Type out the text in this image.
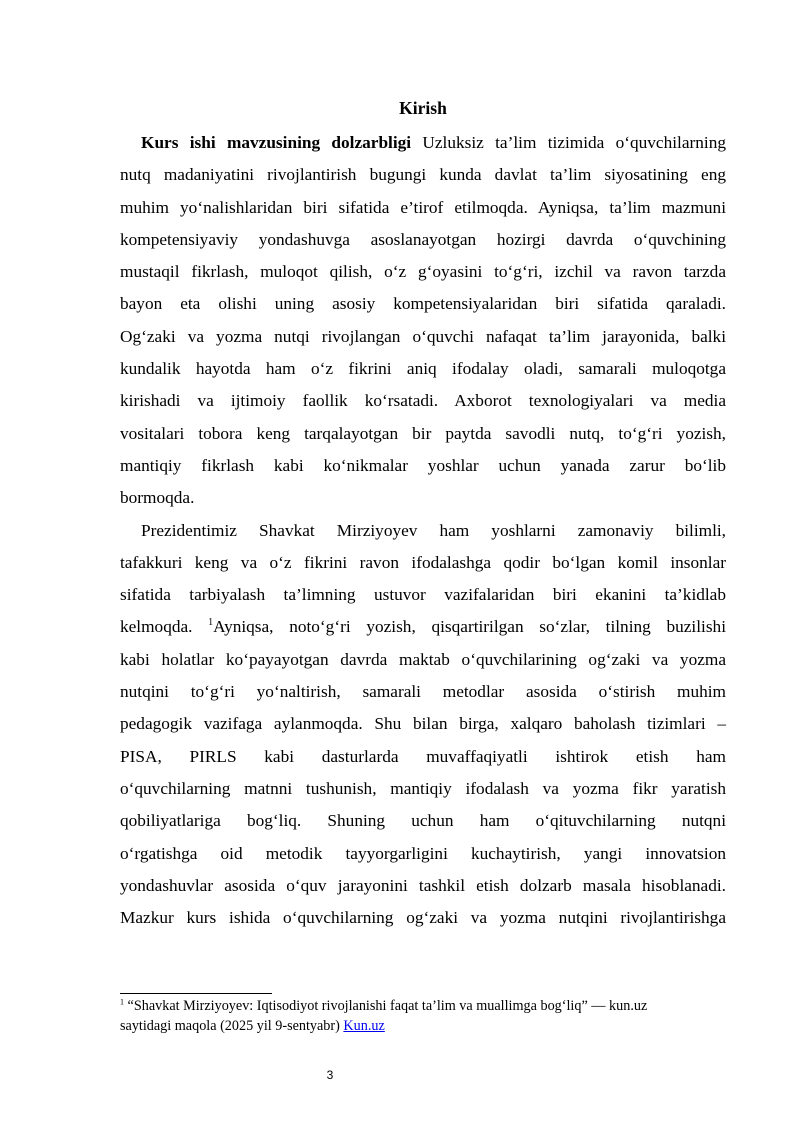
Kirish
Kurs ishi mavzusining dolzarbligi Uzluksiz ta’lim tizimida o‘quvchilarning
nutq madaniyatini rivojlantirish bugungi kunda davlat ta’lim siyosatining eng
muhim yo‘nalishlaridan biri sifatida e’tirof etilmoqda. Ayniqsa, ta’lim mazmuni
kompetensiyaviy yondashuvga asoslanayotgan hozirgi davrda o‘quvchining
mustaqil fikrlash, muloqot qilish, o‘z g‘oyasini to‘g‘ri, izchil va ravon tarzda
bayon eta olishi uning asosiy kompetensiyalaridan biri sifatida qaraladi.
Og‘zaki va yozma nutqi rivojlangan o‘quvchi nafaqat ta’lim jarayonida, balki
kundalik hayotda ham o‘z fikrini aniq ifodalay oladi, samarali muloqotga
kirishadi va ijtimoiy faollik ko‘rsatadi. Axborot texnologiyalari va media
vositalari tobora keng tarqalayotgan bir paytda savodli nutq, to‘g‘ri yozish,
mantiqiy fikrlash kabi ko‘nikmalar yoshlar uchun yanada zarur bo‘lib
bormoqda.
Prezidentimiz Shavkat Mirziyoyev ham yoshlarni zamonaviy bilimli,
tafakkuri keng va o‘z fikrini ravon ifodalashga qodir bo‘lgan komil insonlar
sifatida tarbiyalash ta’limning ustuvor vazifalaridan biri ekanini ta’kidlab
kelmoqda. $^1$Ayniqsa, noto‘g‘ri yozish, qisqartirilgan so‘zlar, tilning buzilishi
kabi holatlar ko‘payayotgan davrda maktab o‘quvchilarining og‘zaki va yozma
nutqini to‘g‘ri yo‘naltirish, samarali metodlar asosida o‘stirish muhim
pedagogik vazifaga aylanmoqda. Shu bilan birga, xalqaro baholash tizimlari –
PISA, PIRLS kabi dasturlarda muvaffaqiyatli ishtirok etish ham
o‘quvchilarning matnni tushunish, mantiqiy ifodalash va yozma fikr yaratish
qobiliyatlariga bog‘liq. Shuning uchun ham o‘qituvchilarning nutqni
o‘rgatishga oid metodik tayyorgarligini kuchaytirish, yangi innovatsion
yondashuvlar asosida o‘quv jarayonini tashkil etish dolzarb masala hisoblanadi.
Mazkur kurs ishida o‘quvchilarning og‘zaki va yozma nutqini rivojlantirishga
$^1$ “Shavkat Mirziyoyev: Iqtisodiyot rivojlanishi faqat ta’lim va muallimga bog‘liq” — kun.uz
saytidagi maqola (2025 yil 9-sentyabr) Kun.uz
3
